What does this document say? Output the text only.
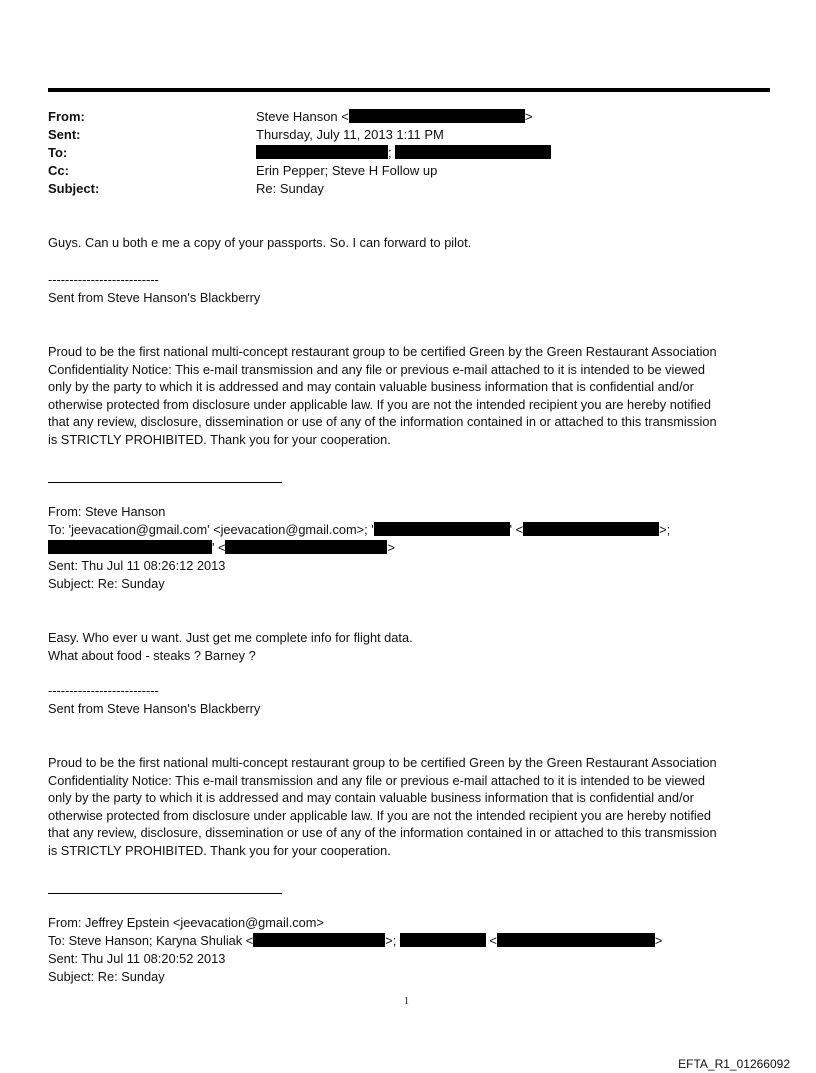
From:	Steve Hanson <	>
Sent:	Thursday, July 11, 2013 1:11 PM
To:	;
Cc:	Erin Pepper; Steve H Follow up
Subject:	Re: Sunday
Guys. Can u both e me a copy of your passports. So. I can forward to pilot.
--------------------------
Sent from Steve Hanson's Blackberry
Proud to be the first national multi-concept restaurant group to be certified Green by the Green Restaurant Association
Confidentiality Notice: This e-mail transmission and any file or previous e-mail attached to it is intended to be viewed
only by the party to which it is addressed and may contain valuable business information that is confidential and/or
otherwise protected from disclosure under applicable law. If you are not the intended recipient you are hereby notified
that any review, disclosure, dissemination or use of any of the information contained in or attached to this transmission
is STRICTLY PROHIBITED. Thank you for your cooperation.
From: Steve Hanson
To: 'jeevacation@gmail.com' <jeevacation@gmail.com>; '	' <	>;
' <	>
Sent: Thu Jul 11 08:26:12 2013
Subject: Re: Sunday
Easy. Who ever u want. Just get me complete info for flight data.
What about food - steaks ? Barney ?
--------------------------
Sent from Steve Hanson's Blackberry
Proud to be the first national multi-concept restaurant group to be certified Green by the Green Restaurant Association
Confidentiality Notice: This e-mail transmission and any file or previous e-mail attached to it is intended to be viewed
only by the party to which it is addressed and may contain valuable business information that is confidential and/or
otherwise protected from disclosure under applicable law. If you are not the intended recipient you are hereby notified
that any review, disclosure, dissemination or use of any of the information contained in or attached to this transmission
is STRICTLY PROHIBITED. Thank you for your cooperation.
From: Jeffrey Epstein <jeevacation@gmail.com>
To: Steve Hanson; Karyna Shuliak <	>;	<	>
Sent: Thu Jul 11 08:20:52 2013
Subject: Re: Sunday
1
EFTA_R1_01266092
